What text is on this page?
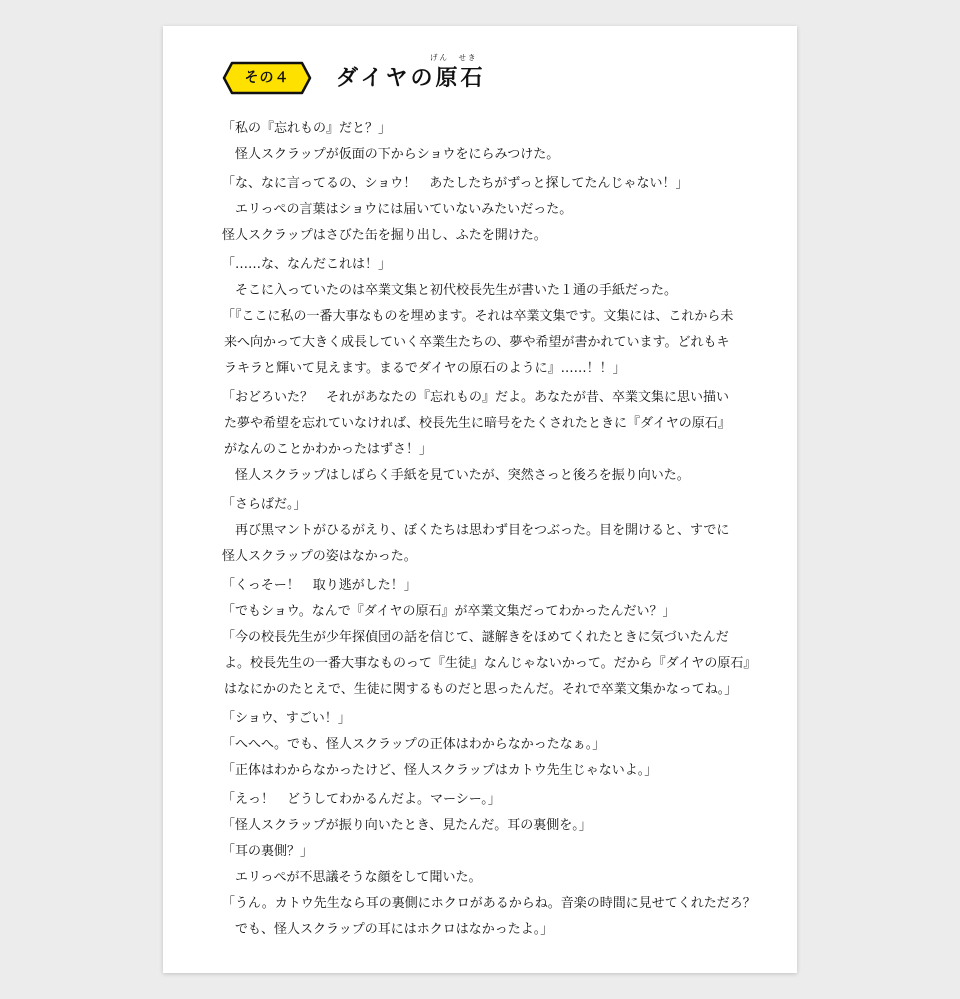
その４
げん　せき
ダイヤの原石
「私の『忘れもの』だと？」
怪人スクラップが仮面の下からショウをにらみつけた。
「な、なに言ってるの、ショウ！　あたしたちがずっと探してたんじゃない！」
エリっぺの言葉はショウには届いていないみたいだった。
怪人スクラップはさびた缶を掘り出し、ふたを開けた。
「……な、なんだこれは！」
そこに入っていたのは卒業文集と初代校長先生が書いた１通の手紙だった。
「『ここに私の一番大事なものを埋めます。それは卒業文集です。文集には、これから未
来へ向かって大きく成長していく卒業生たちの、夢や希望が書かれています。どれもキ
ラキラと輝いて見えます。まるでダイヤの原石のように』……！！」
「おどろいた？　それがあなたの『忘れもの』だよ。あなたが昔、卒業文集に思い描い
た夢や希望を忘れていなければ、校長先生に暗号をたくされたときに『ダイヤの原石』
がなんのことかわかったはずさ！」
怪人スクラップはしばらく手紙を見ていたが、突然さっと後ろを振り向いた。
「さらばだ。」
再び黒マントがひるがえり、ぼくたちは思わず目をつぶった。目を開けると、すでに
怪人スクラップの姿はなかった。
「くっそー！　取り逃がした！」
「でもショウ。なんで『ダイヤの原石』が卒業文集だってわかったんだい？」
「今の校長先生が少年探偵団の話を信じて、謎解きをほめてくれたときに気づいたんだ
よ。校長先生の一番大事なものって『生徒』なんじゃないかって。だから『ダイヤの原石』
はなにかのたとえで、生徒に関するものだと思ったんだ。それで卒業文集かなってね。」
「ショウ、すごい！」
「へへへ。でも、怪人スクラップの正体はわからなかったなぁ。」
「正体はわからなかったけど、怪人スクラップはカトウ先生じゃないよ。」
「えっ！　どうしてわかるんだよ。マーシー。」
「怪人スクラップが振り向いたとき、見たんだ。耳の裏側を。」
「耳の裏側？」
エリっぺが不思議そうな顔をして聞いた。
「うん。カトウ先生なら耳の裏側にホクロがあるからね。音楽の時間に見せてくれただろ？
でも、怪人スクラップの耳にはホクロはなかったよ。」
